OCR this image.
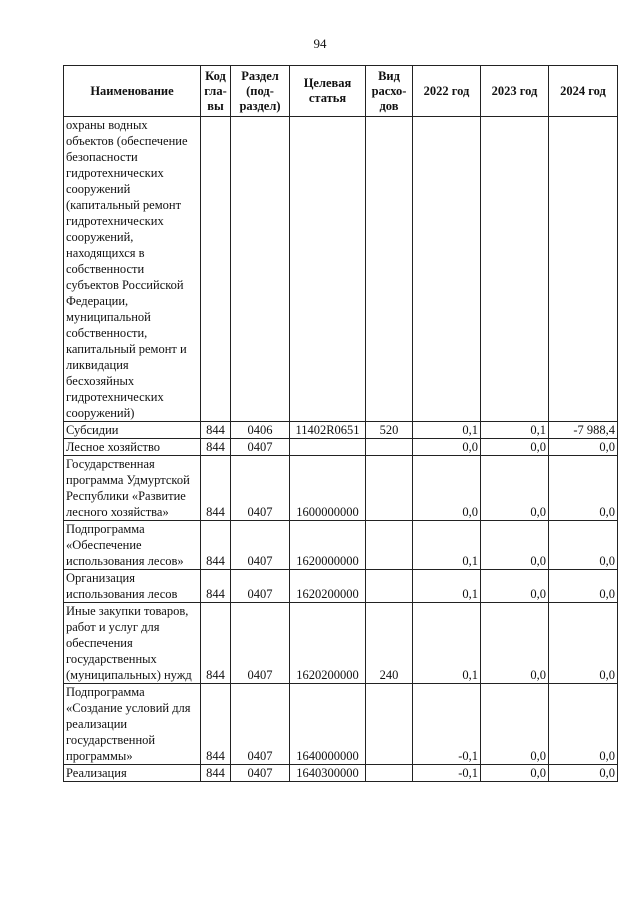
94
Наименование	Код гла-вы	Раздел (под-раздел)	Целевая статья	Вид расхо-дов	2022 год	2023 год	2024 год
охраны водных объектов (обеспечение безопасности гидротехнических сооружений (капитальный ремонт гидротехнических сооружений, находящихся в собственности субъектов Российской Федерации, муниципальной собственности, капитальный ремонт и ликвидация бесхозяйных гидротехнических сооружений)							
Субсидии	844	0406	11402R0651	520	0,1	0,1	-7 988,4
Лесное хозяйство	844	0407			0,0	0,0	0,0
Государственная программа Удмуртской Республики «Развитие лесного хозяйства»	844	0407	1600000000		0,0	0,0	0,0
Подпрограмма «Обеспечение использования лесов»	844	0407	1620000000		0,1	0,0	0,0
Организация использования лесов	844	0407	1620200000		0,1	0,0	0,0
Иные закупки товаров, работ и услуг для обеспечения государственных (муниципальных) нужд	844	0407	1620200000	240	0,1	0,0	0,0
Подпрограмма «Создание условий для реализации государственной программы»	844	0407	1640000000		-0,1	0,0	0,0
Реализация	844	0407	1640300000		-0,1	0,0	0,0
